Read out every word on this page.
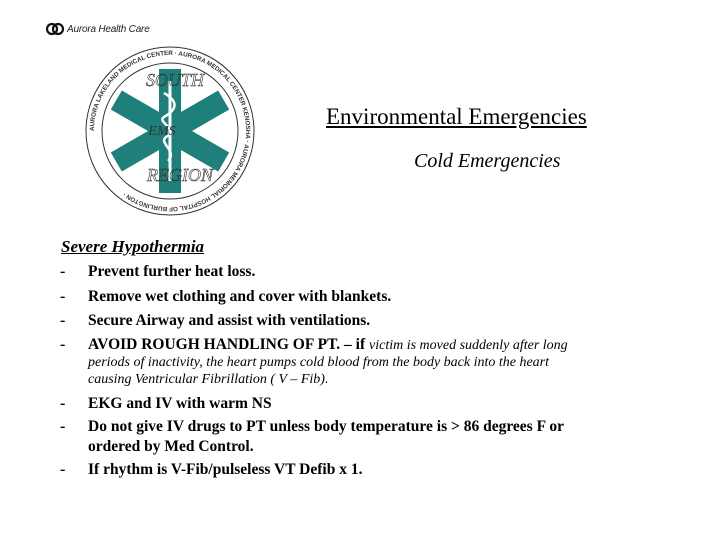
Aurora Health Care
AURORA LAKELAND MEDICAL CENTER · AURORA MEDICAL CENTER KENOSHA · AURORA MEMORIAL HOSPITAL OF BURLINGTON ·
SOUTH
EMS
REGION
Environmental Emergencies
Cold Emergencies
Severe Hypothermia
-
-
-
-
-
-
-
Prevent further heat loss.
Remove wet clothing and cover with blankets.
Secure Airway and assist with ventilations.
AVOID ROUGH HANDLING OF PT. – if victim is moved suddenly after long
periods of inactivity, the heart pumps cold blood from the body back into the heart
causing Ventricular Fibrillation ( V – Fib).
EKG and IV with warm NS
Do not give IV drugs to PT unless body temperature is > 86 degrees F or
ordered by Med Control.
If rhythm is V-Fib/pulseless VT Defib x 1.
